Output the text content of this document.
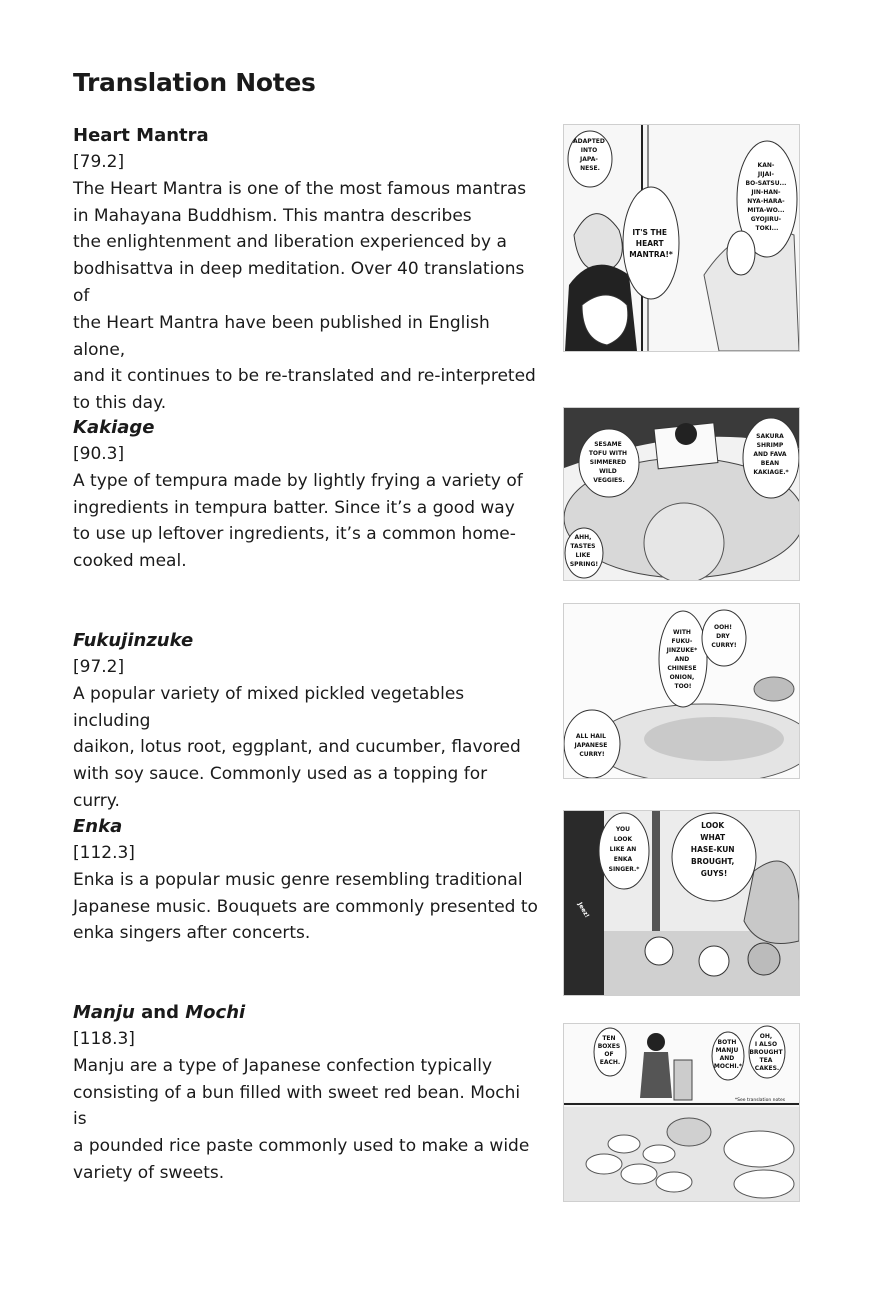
Translation Notes

Heart Mantra

[79.2]

The Heart Mantra is one of the most famous mantras
in Mahayana Buddhism. This mantra describes
the enlightenment and liberation experienced by a
bodhisattva in deep meditation. Over 40 translations of
the Heart Mantra have been published in English alone,
and it continues to be re-translated and re-interpreted
to this day.

ADAPTED INTO JAPA- NESE.
IT'S THE HEART MANTRA!*
KAN- JIJAI- BO-SATSU... JIN-HAN- NYA-HARA- MITA-WO... GYOJIRU- TOKI...

Kakiage

[90.3]

A type of tempura made by lightly frying a variety of
ingredients in tempura batter. Since it’s a good way
to use up leftover ingredients, it’s a common home-
cooked meal.

SESAME TOFU WITH SIMMERED WILD VEGGIES.
SAKURA SHRIMP AND FAVA BEAN KAKIAGE.*
AHH, TASTES LIKE SPRING!

Fukujinzuke

[97.2]

A popular variety of mixed pickled vegetables including
daikon, lotus root, eggplant, and cucumber, flavored
with soy sauce. Commonly used as a topping for curry.

WITH FUKU- JINZUKE* AND CHINESE ONION, TOO!
OOH! DRY CURRY!
ALL HAIL JAPANESE CURRY!

Enka

[112.3]

Enka is a popular music genre resembling traditional
Japanese music. Bouquets are commonly presented to
enka singers after concerts.

YOU LOOK LIKE AN ENKA SINGER.*
LOOK WHAT HASE-KUN BROUGHT, GUYS!
Jeez!

Manju and Mochi

[118.3]

Manju are a type of Japanese confection typically
consisting of a bun filled with sweet red bean. Mochi is
a pounded rice paste commonly used to make a wide
variety of sweets.

TEN BOXES OF EACH.
BOTH MANJU AND MOCHI.*
OH, I ALSO BROUGHT TEA CAKES.
*See translation notes
